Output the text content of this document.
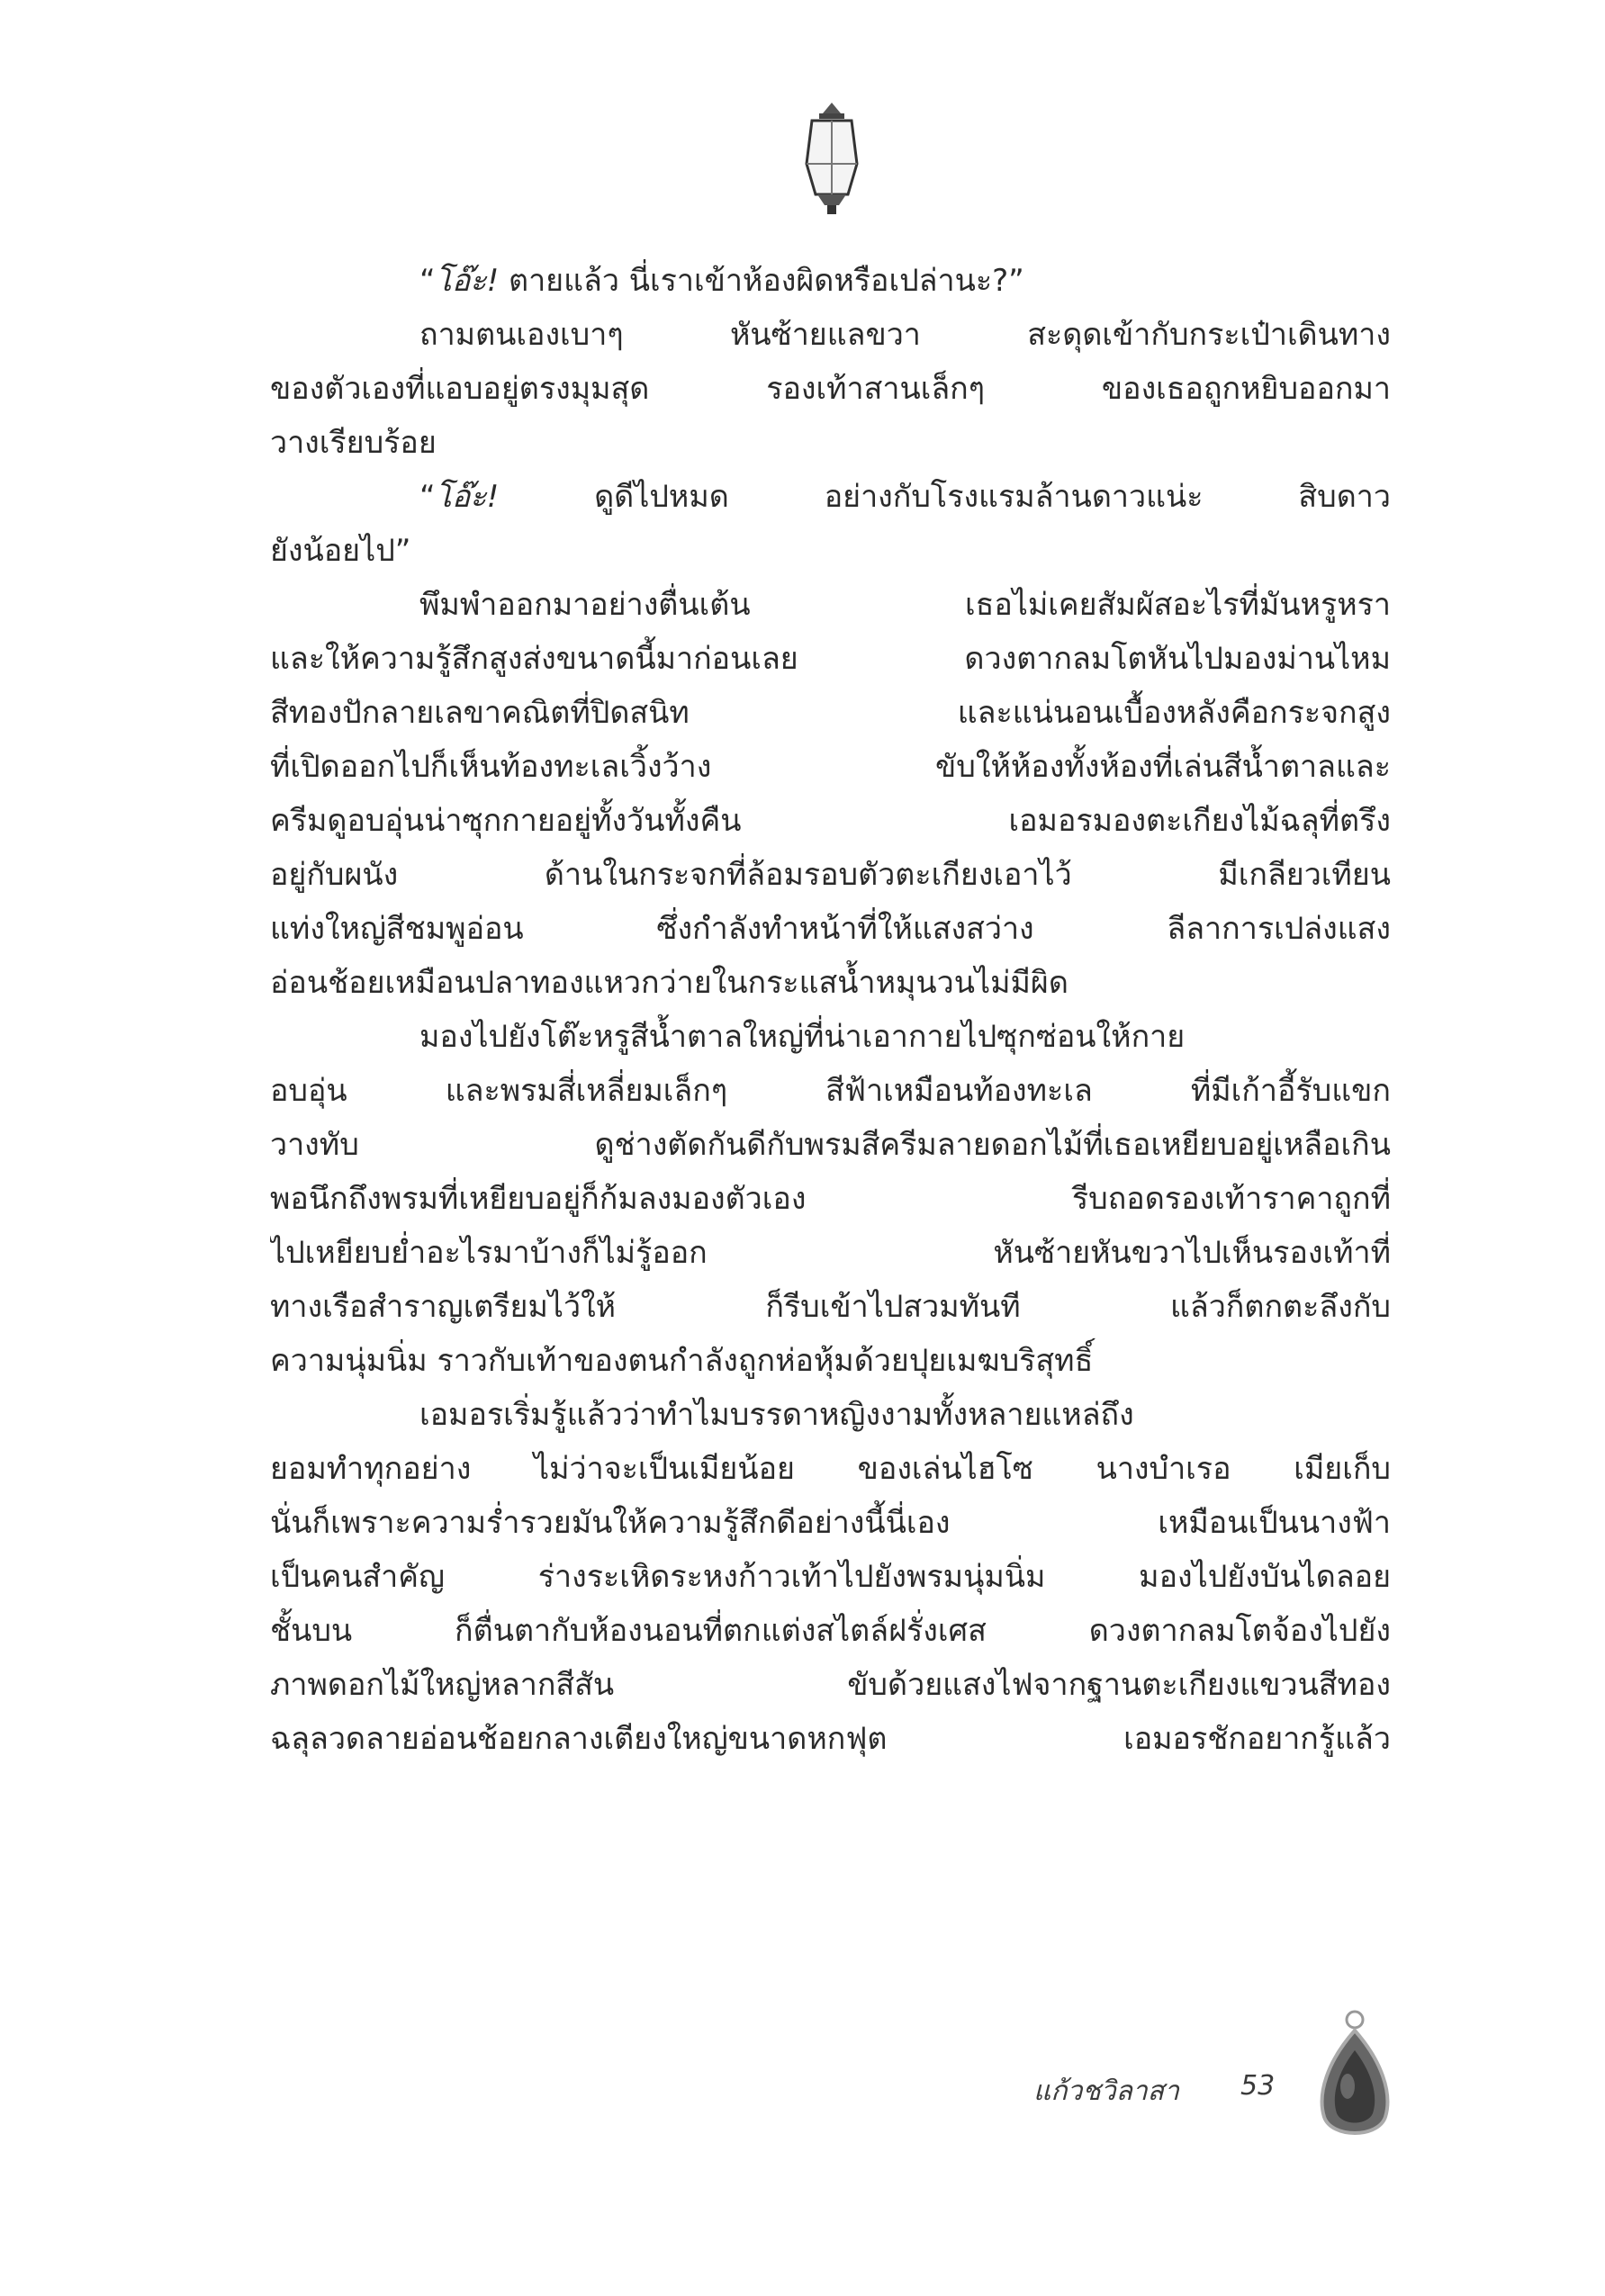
“โอ๊ะ! ตายแล้ว นี่เราเข้าห้องผิดหรือเปล่านะ?”
ถามตนเองเบาๆ หันซ้ายแลขวา สะดุดเข้ากับกระเป๋าเดินทาง
ของตัวเองที่แอบอยู่ตรงมุมสุด รองเท้าสานเล็กๆ ของเธอถูกหยิบออกมา
วางเรียบร้อย
“โอ๊ะ! ดูดีไปหมด อย่างกับโรงแรมล้านดาวแน่ะ สิบดาว
ยังน้อยไป”
พึมพำออกมาอย่างตื่นเต้น เธอไม่เคยสัมผัสอะไรที่มันหรูหรา
และให้ความรู้สึกสูงส่งขนาดนี้มาก่อนเลย ดวงตากลมโตหันไปมองม่านไหม
สีทองปักลายเลขาคณิตที่ปิดสนิท และแน่นอนเบื้องหลังคือกระจกสูง
ที่เปิดออกไปก็เห็นท้องทะเลเวิ้งว้าง ขับให้ห้องทั้งห้องที่เล่นสีน้ำตาลและ
ครีมดูอบอุ่นน่าซุกกายอยู่ทั้งวันทั้งคืน เอมอรมองตะเกียงไม้ฉลุที่ตรึง
อยู่กับผนัง ด้านในกระจกที่ล้อมรอบตัวตะเกียงเอาไว้ มีเกลียวเทียน
แท่งใหญ่สีชมพูอ่อน ซึ่งกำลังทำหน้าที่ให้แสงสว่าง ลีลาการเปล่งแสง
อ่อนช้อยเหมือนปลาทองแหวกว่ายในกระแสน้ำหมุนวนไม่มีผิด
มองไปยังโต๊ะหรูสีน้ำตาลใหญ่ที่น่าเอากายไปซุกซ่อนให้กาย
อบอุ่น และพรมสี่เหลี่ยมเล็กๆ สีฟ้าเหมือนท้องทะเล ที่มีเก้าอี้รับแขก
วางทับ ดูช่างตัดกันดีกับพรมสีครีมลายดอกไม้ที่เธอเหยียบอยู่เหลือเกิน
พอนึกถึงพรมที่เหยียบอยู่ก็ก้มลงมองตัวเอง รีบถอดรองเท้าราคาถูกที่
ไปเหยียบย่ำอะไรมาบ้างก็ไม่รู้ออก หันซ้ายหันขวาไปเห็นรองเท้าที่
ทางเรือสำราญเตรียมไว้ให้ ก็รีบเข้าไปสวมทันที แล้วก็ตกตะลึงกับ
ความนุ่มนิ่ม ราวกับเท้าของตนกำลังถูกห่อหุ้มด้วยปุยเมฆบริสุทธิ์
เอมอรเริ่มรู้แล้วว่าทำไมบรรดาหญิงงามทั้งหลายแหล่ถึง
ยอมทำทุกอย่าง ไม่ว่าจะเป็นเมียน้อย ของเล่นไฮโซ นางบำเรอ เมียเก็บ
นั่นก็เพราะความร่ำรวยมันให้ความรู้สึกดีอย่างนี้นี่เอง เหมือนเป็นนางฟ้า
เป็นคนสำคัญ ร่างระเหิดระหงก้าวเท้าไปยังพรมนุ่มนิ่ม มองไปยังบันไดลอย
ชั้นบน ก็ตื่นตากับห้องนอนที่ตกแต่งสไตล์ฝรั่งเศส ดวงตากลมโตจ้องไปยัง
ภาพดอกไม้ใหญ่หลากสีสัน ขับด้วยแสงไฟจากฐานตะเกียงแขวนสีทอง
ฉลุลวดลายอ่อนช้อยกลางเตียงใหญ่ขนาดหกฟุต เอมอรชักอยากรู้แล้ว
แก้วชวิลาสา 53
